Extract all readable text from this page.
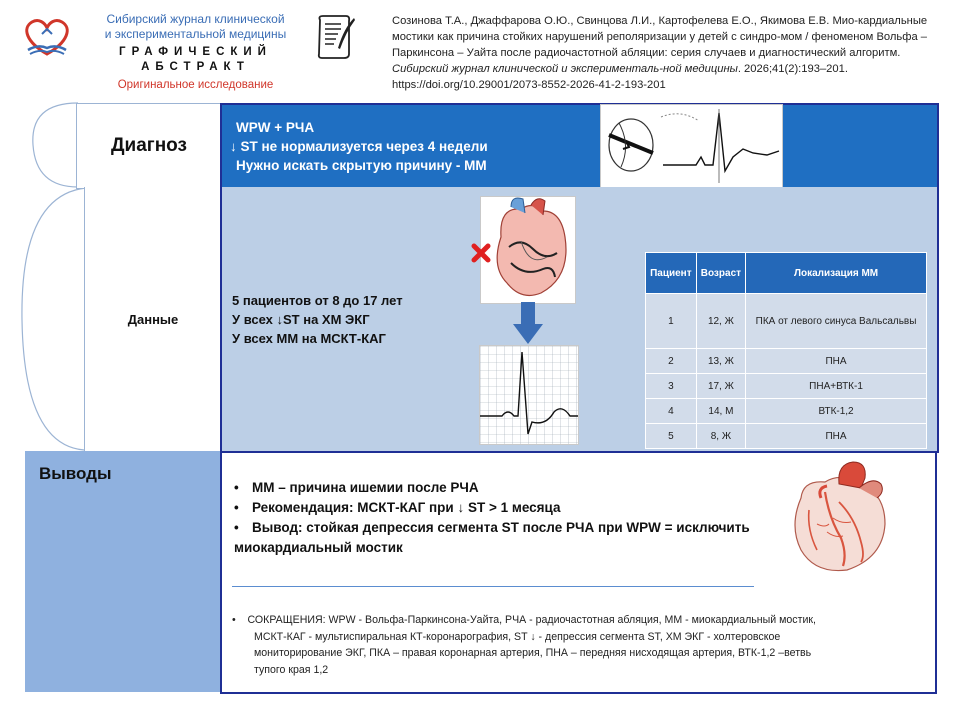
Сибирский журнал клинической
и экспериментальной медицины
ГРАФИЧЕСКИЙ АБСТРАКТ
Оригинальное исследование
Созинова Т.А., Джаффарова О.Ю., Свинцова Л.И., Картофелева Е.О., Якимова Е.В. Мио-кардиальные мостики как причина стойких нарушений реполяризации у детей с синдро-мом / феноменом Вольфа – Паркинсона – Уайта после радиочастотной абляции: серия случаев и диагностический алгоритм. Сибирский журнал клинической и эксперименталь-ной медицины. 2026;41(2):193–201. https://doi.org/10.29001/2073-8552-2026-41-2-193-201
Диагноз
Данные
Выводы
WPW + РЧА
↓ ST не нормализуется через 4 недели
Нужно искать скрытую причину - ММ
5 пациентов от 8 до 17 лет
У всех ↓ST на ХМ ЭКГ
У всех ММ на МСКТ-КАГ
Пациент	Возраст	Локализация ММ
1	12, Ж	ПКА от левого синуса Вальсальвы
2	13, Ж	ПНА
3	17, Ж	ПНА+ВТК-1
4	14, М	ВТК-1,2
5	8, Ж	ПНА
• ММ – причина ишемии после РЧА
• Рекомендация: МСКТ-КАГ при ↓ ST > 1 месяца
• Вывод: стойкая депрессия сегмента ST после РЧА при WPW = исключить
миокардиальный мостик
•    СОКРАЩЕНИЯ: WPW - Вольфа-Паркинсона-Уайта, РЧА - радиочастотная абляция, ММ - миокардиальный мостик,
МСКТ-КАГ - мультиспиральная КТ-коронарография, ST ↓ - депрессия сегмента ST, ХМ ЭКГ - холтеровское
мониторирование ЭКГ, ПКА – правая коронарная артерия, ПНА – передняя нисходящая артерия, ВТК-1,2 –ветвь
тупого края 1,2
